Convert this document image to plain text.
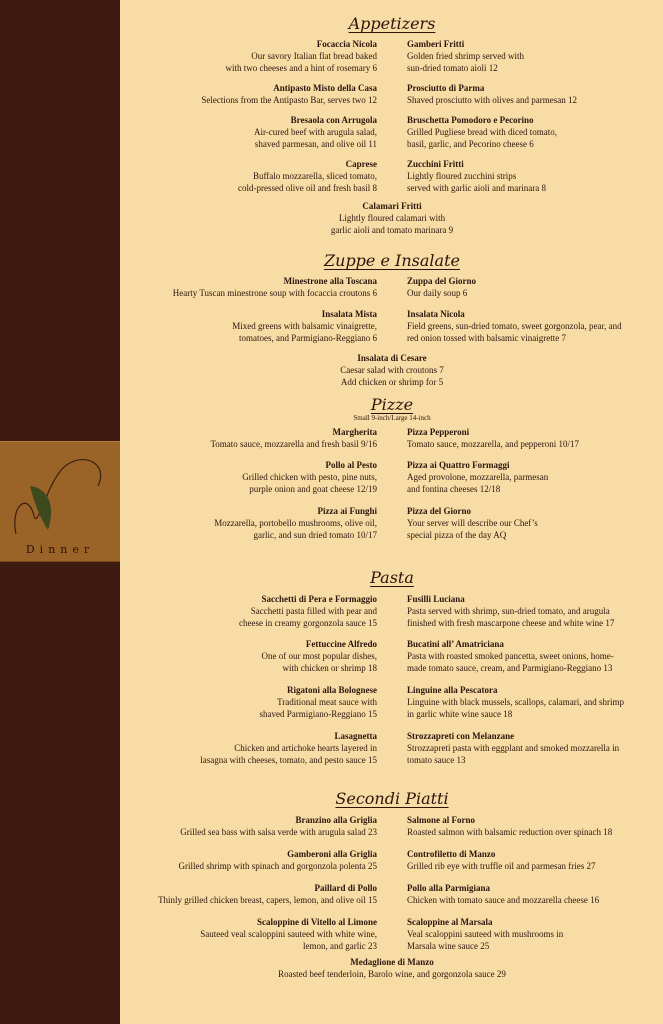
Dinner
Appetizers
Focaccia Nicola
Our savory Italian flat bread baked
with two cheeses and a hint of rosemary 6
Gamberi Fritti
Golden fried shrimp served with
sun-dried tomato aioli 12
Antipasto Misto della Casa
Selections from the Antipasto Bar, serves two 12
Prosciutto di Parma
Shaved prosciutto with olives and parmesan 12
Bresaola con Arrugola
Air-cured beef with arugula salad,
shaved parmesan, and olive oil 11
Bruschetta Pomodoro e Pecorino
Grilled Pugliese bread with diced tomato,
basil, garlic, and Pecorino cheese 6
Caprese
Buffalo mozzarella, sliced tomato,
cold-pressed olive oil and fresh basil 8
Zucchini Fritti
Lightly floured zucchini strips
served with garlic aioli and marinara 8
Calamari Fritti
Lightly floured calamari with
garlic aioli and tomato marinara 9
Zuppe e Insalate
Minestrone alla Toscana
Hearty Tuscan minestrone soup with focaccia croutons 6
Zuppa del Giorno
Our daily soup 6
Insalata Mista
Mixed greens with balsamic vinaigrette,
tomatoes, and Parmigiano-Reggiano 6
Insalata Nicola
Field greens, sun-dried tomato, sweet gorgonzola, pear, and
red onion tossed with balsamic vinaigrette 7
Insalata di Cesare
Caesar salad with croutons 7
Add chicken or shrimp for 5
Pizze
Small 9-inch/Large 14-inch
Margherita
Tomato sauce, mozzarella and fresh basil 9/16
Pizza Pepperoni
Tomato sauce, mozzarella, and pepperoni 10/17
Pollo al Pesto
Grilled chicken with pesto, pine nuts,
purple onion and goat cheese 12/19
Pizza ai Quattro Formaggi
Aged provolone, mozzarella, parmesan
and fontina cheeses 12/18
Pizza ai Funghi
Mozzarella, portobello mushrooms, olive oil,
garlic, and sun dried tomato 10/17
Pizza del Giorno
Your server will describe our Chef’s
special pizza of the day AQ
Pasta
Sacchetti di Pera e Formaggio
Sacchetti pasta filled with pear and
cheese in creamy gorgonzola sauce 15
Fusilli Luciana
Pasta served with shrimp, sun-dried tomato, and arugula
finished with fresh mascarpone cheese and white wine 17
Fettuccine Alfredo
One of our most popular dishes,
with chicken or shrimp 18
Bucatini all’ Amatriciana
Pasta with roasted smoked pancetta, sweet onions, home-
made tomato sauce, cream, and Parmigiano-Reggiano 13
Rigatoni alla Bolognese
Traditional meat sauce with
shaved Parmigiano-Reggiano 15
Linguine alla Pescatora
Linguine with black mussels, scallops, calamari, and shrimp
in garlic white wine sauce 18
Lasagnetta
Chicken and artichoke hearts layered in
lasagna with cheeses, tomato, and pesto sauce 15
Strozzapreti con Melanzane
Strozzapreti pasta with eggplant and smoked mozzarella in
tomato sauce 13
Secondi Piatti
Branzino alla Griglia
Grilled sea bass with salsa verde with arugula salad 23
Salmone al Forno
Roasted salmon with balsamic reduction over spinach 18
Gamberoni alla Griglia
Grilled shrimp with spinach and gorgonzola polenta 25
Controfiletto di Manzo
Grilled rib eye with truffle oil and parmesan fries 27
Paillard di Pollo
Thinly grilled chicken breast, capers, lemon, and olive oil 15
Pollo alla Parmigiana
Chicken with tomato sauce and mozzarella cheese 16
Scaloppine di Vitello al Limone
Sauteed veal scaloppini sauteed with white wine,
lemon, and garlic 23
Scaloppine al Marsala
Veal scaloppini sauteed with mushrooms in
Marsala wine sauce 25
Medaglione di Manzo
Roasted beef tenderloin, Barolo wine, and gorgonzola sauce 29
